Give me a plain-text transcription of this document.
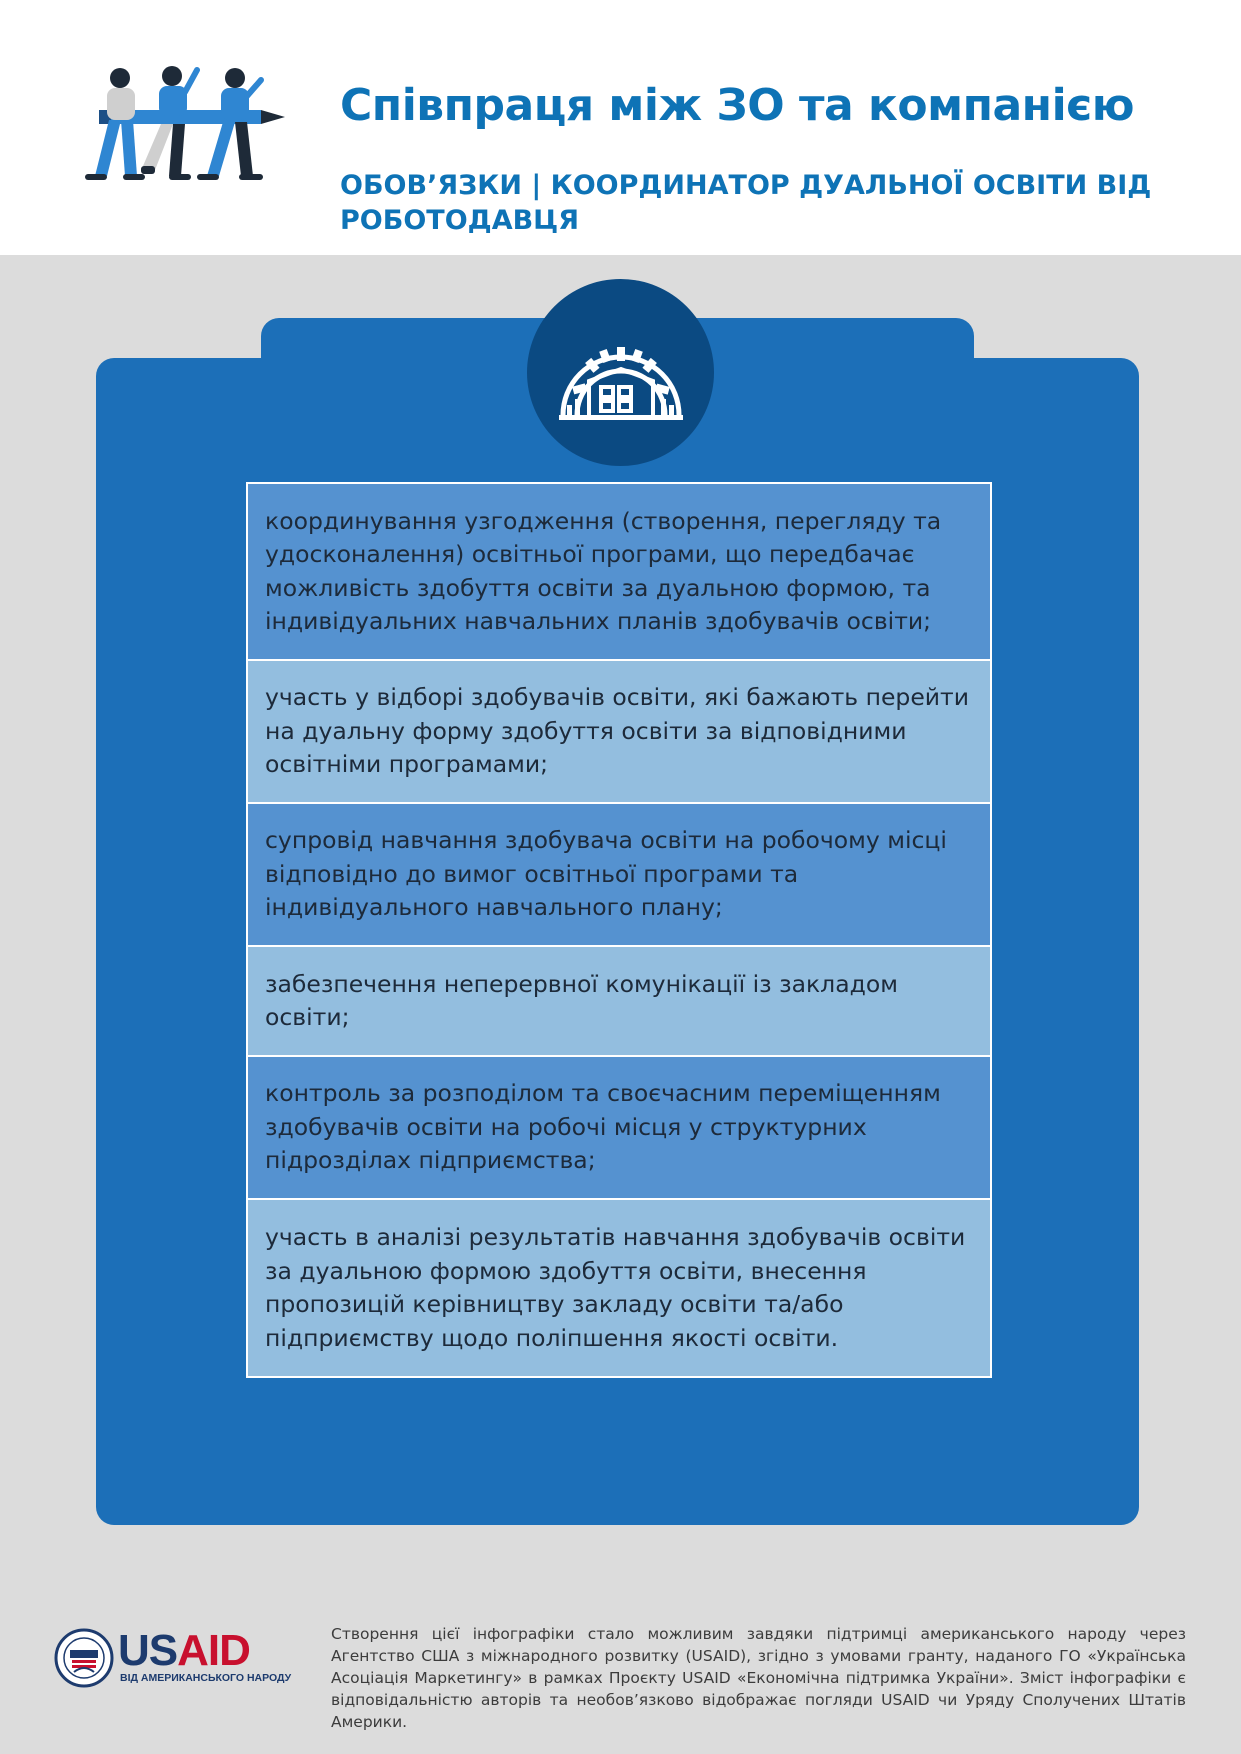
Співпраця між ЗО та компанією
ОБОВ’ЯЗКИ | КООРДИНАТОР ДУАЛЬНОЇ ОСВІТИ ВІД РОБОТОДАВЦЯ
координування узгодження (створення, перегляду та удосконалення) освітньої програми, що передбачає можливість здобуття освіти за дуальною формою, та індивідуальних навчальних планів здобувачів освіти;
участь у відборі здобувачів освіти, які бажають перейти на дуальну форму здобуття освіти за відповідними освітніми програмами;
супровід навчання здобувача освіти на робочому місці відповідно до вимог освітньої програми та індивідуального навчального плану;
забезпечення неперервної комунікації із закладом освіти;
контроль за розподілом та своєчасним переміщенням здобувачів освіти на робочі місця у структурних підрозділах підприємства;
участь в аналізі результатів навчання здобувачів освіти за дуальною формою здобуття освіти, внесення пропозицій керівництву закладу освіти та/або підприємству щодо поліпшення якості освіти.
USAID
ВІД АМЕРИКАНСЬКОГО НАРОДУ
Створення цієї інфографіки стало можливим завдяки підтримці американського народу через Агентство США з міжнародного розвитку (USAID), згідно з умовами гранту, наданого ГО «Українська Асоціація Маркетингу» в рамках Проєкту USAID «Економічна підтримка України». Зміст інфографіки є відповідальністю авторів та необов’язково відображає погляди USAID чи Уряду Сполучених Штатів Америки.
